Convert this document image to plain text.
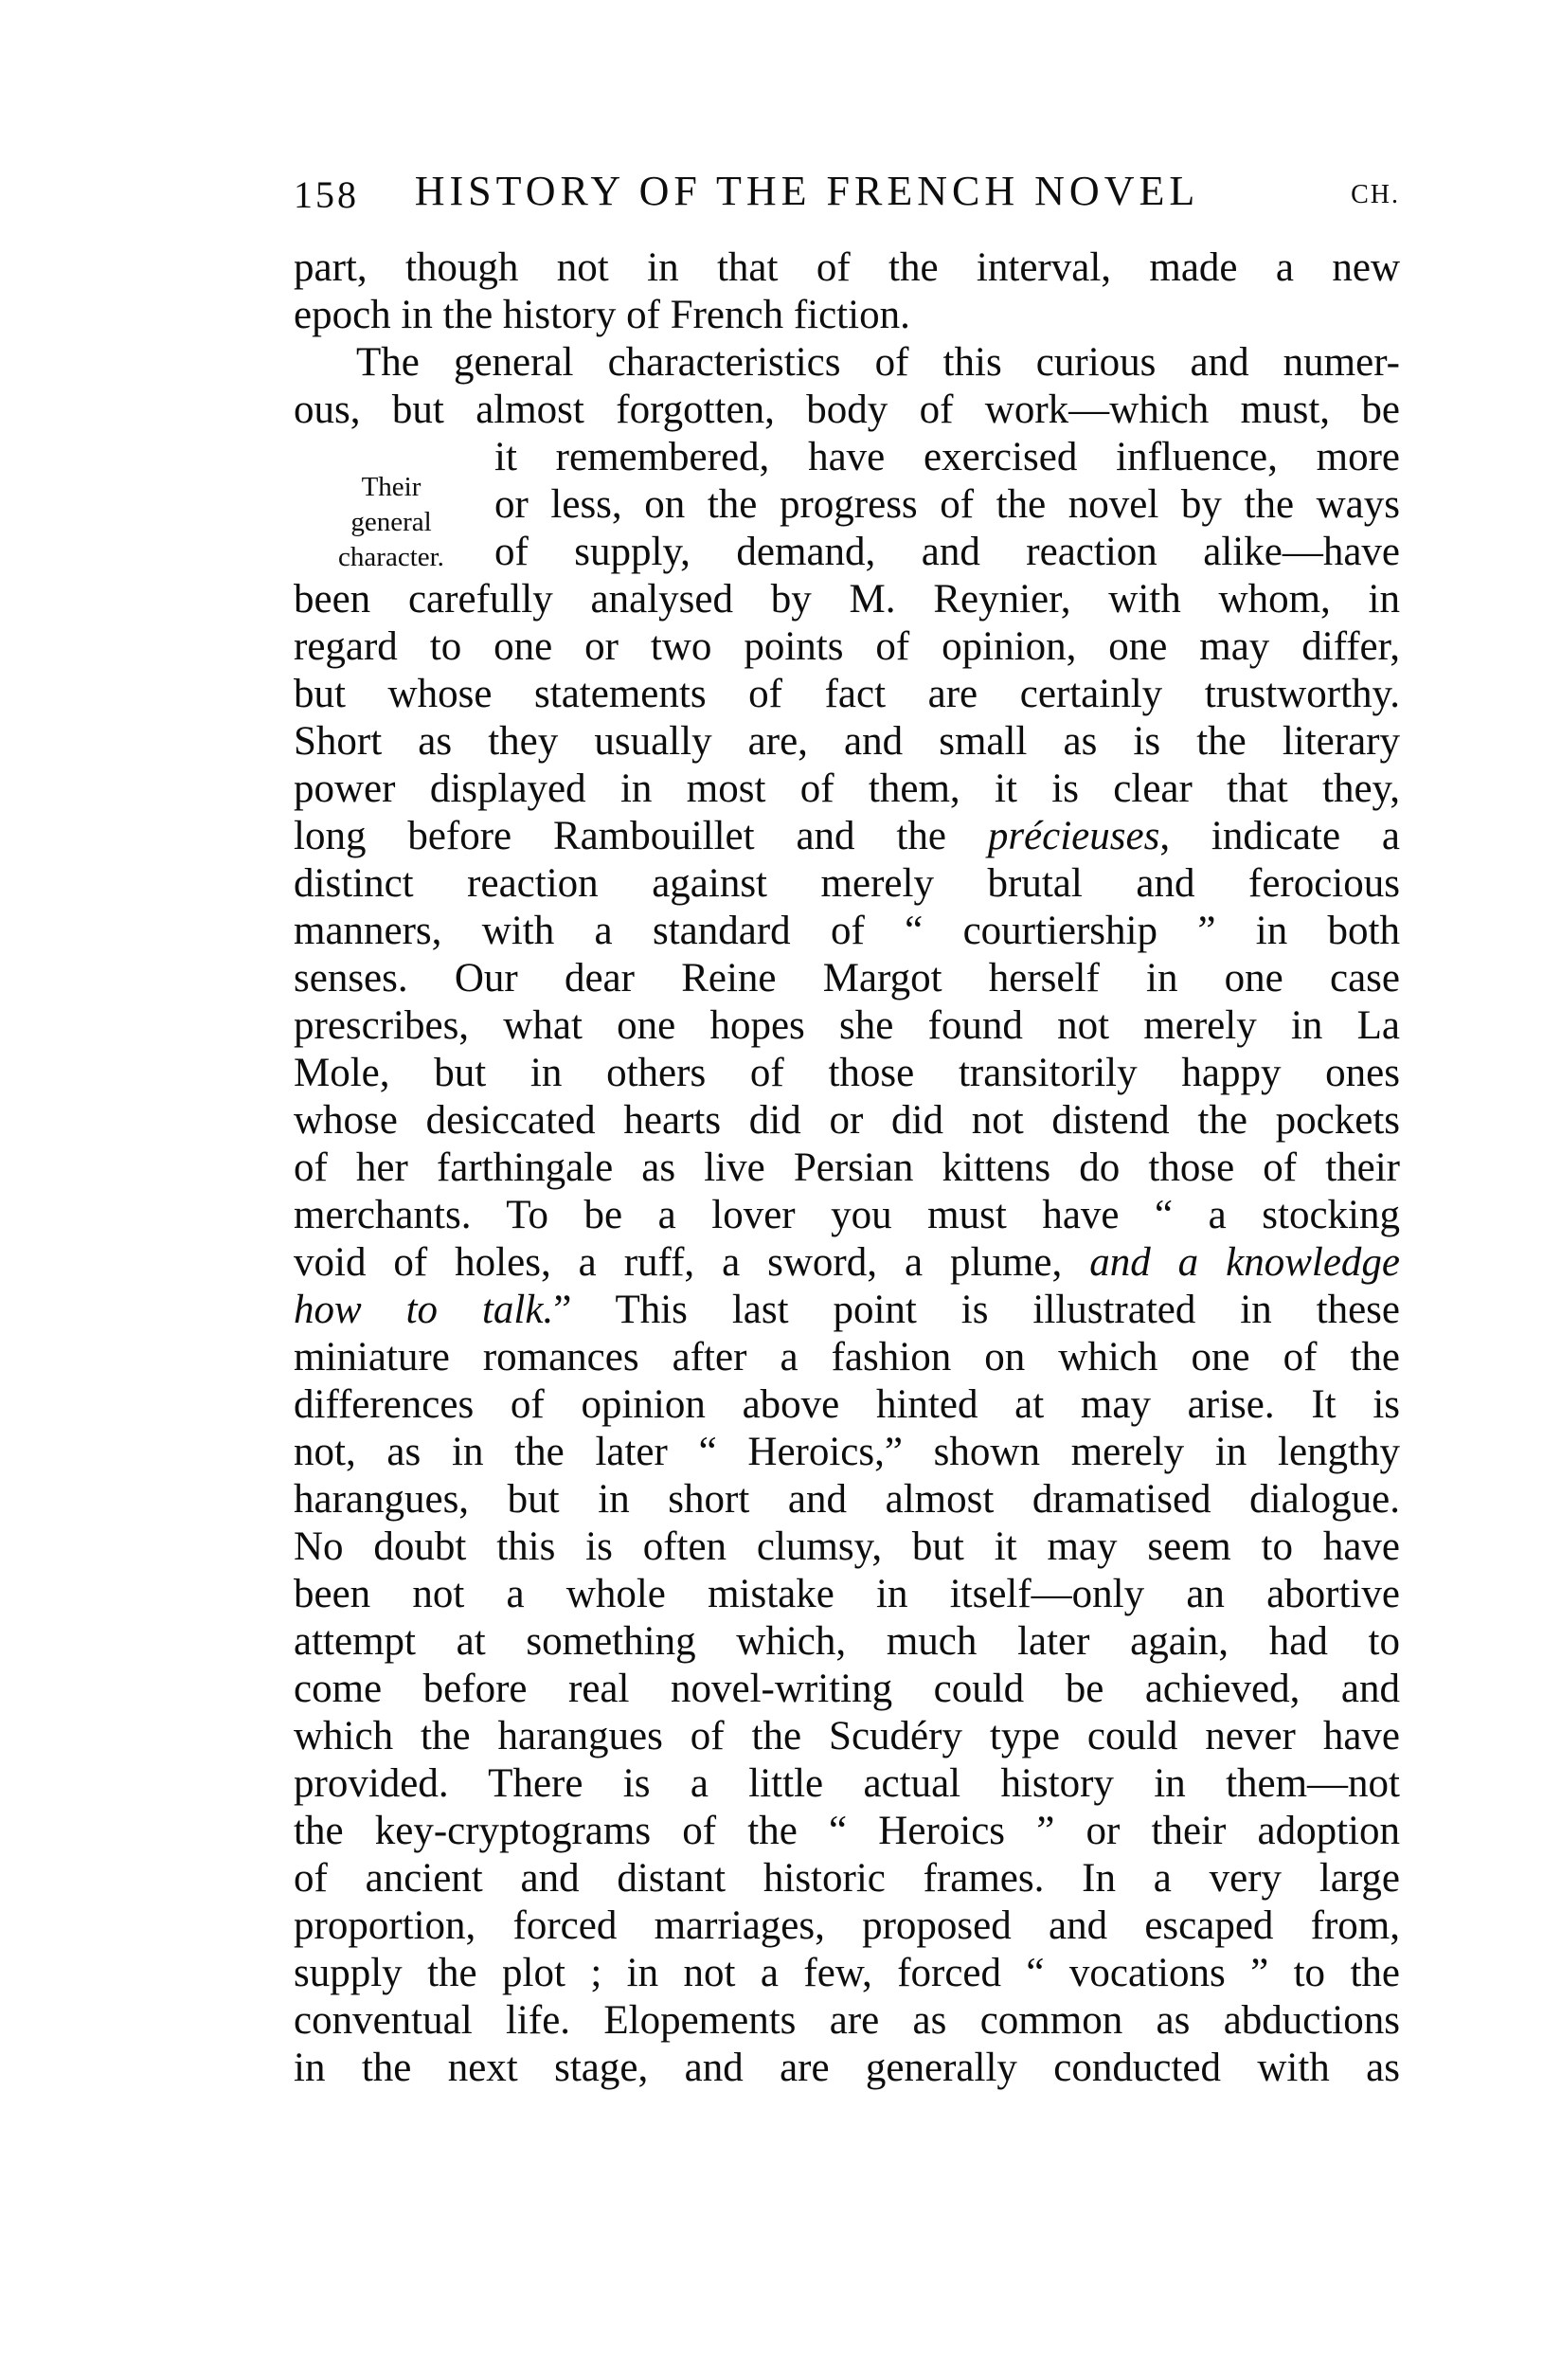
158	HISTORY OF THE FRENCH NOVEL	CH.
Their
general
character.
part, though not in that of the interval, made a new
epoch in the history of French fiction.
The general characteristics of this curious and numer-
ous, but almost forgotten, body of work—which must, be
it remembered, have exercised influence, more
or less, on the progress of the novel by the ways
of supply, demand, and reaction alike—have
been carefully analysed by M. Reynier, with whom, in
regard to one or two points of opinion, one may differ,
but whose statements of fact are certainly trustworthy.
Short as they usually are, and small as is the literary
power displayed in most of them, it is clear that they,
long before Rambouillet and the précieuses, indicate a
distinct reaction against merely brutal and ferocious
manners, with a standard of “ courtiership ” in both
senses. Our dear Reine Margot herself in one case
prescribes, what one hopes she found not merely in La
Mole, but in others of those transitorily happy ones
whose desiccated hearts did or did not distend the pockets
of her farthingale as live Persian kittens do those of their
merchants. To be a lover you must have “ a stocking
void of holes, a ruff, a sword, a plume, and a knowledge
how to talk.” This last point is illustrated in these
miniature romances after a fashion on which one of the
differences of opinion above hinted at may arise. It is
not, as in the later “ Heroics,” shown merely in lengthy
harangues, but in short and almost dramatised dialogue.
No doubt this is often clumsy, but it may seem to have
been not a whole mistake in itself—only an abortive
attempt at something which, much later again, had to
come before real novel-writing could be achieved, and
which the harangues of the Scudéry type could never have
provided. There is a little actual history in them—not
the key-cryptograms of the “ Heroics ” or their adoption
of ancient and distant historic frames. In a very large
proportion, forced marriages, proposed and escaped from,
supply the plot ; in not a few, forced “ vocations ” to the
conventual life. Elopements are as common as abductions
in the next stage, and are generally conducted with as
